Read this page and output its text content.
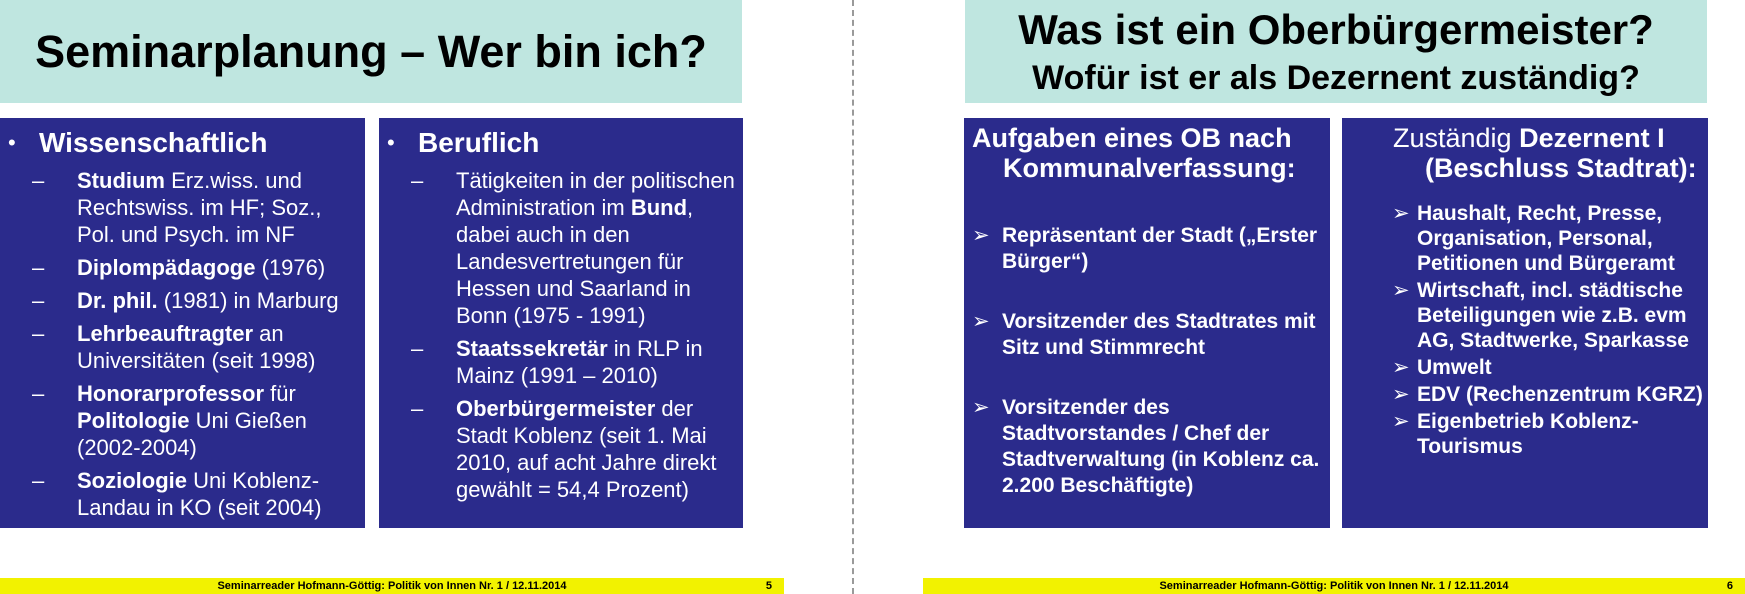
Seminarplanung – Wer bin ich?
• Wissenschaftlich
–	Studium Erz.wiss. und Rechtswiss. im HF; Soz., Pol. und Psych. im NF
–	Diplompädagoge (1976)
–	Dr. phil. (1981) in Marburg
–	Lehrbeauftragter an Universitäten (seit 1998)
–	Honorarprofessor für Politologie Uni Gießen (2002-2004)
–	Soziologie Uni Koblenz-Landau in KO (seit 2004)
• Beruflich
–	Tätigkeiten in der politischen Administration im Bund, dabei auch in den Landesvertretungen für Hessen und Saarland in Bonn (1975 - 1991)
–	Staatssekretär in RLP in Mainz (1991 – 2010)
–	Oberbürgermeister der Stadt Koblenz (seit 1. Mai 2010, auf acht Jahre direkt gewählt = 54,4 Prozent)
Seminarreader Hofmann-Göttig: Politik von Innen Nr. 1 / 12.11.2014	5
Was ist ein Oberbürgermeister?
Wofür ist er als Dezernent zuständig?
Aufgaben eines OB nach
Kommunalverfassung:
➢ Repräsentant der Stadt („Erster Bürger“)
➢ Vorsitzender des Stadtrates mit Sitz und Stimmrecht
➢ Vorsitzender des Stadtvorstandes / Chef der Stadtverwaltung (in Koblenz ca. 2.200 Beschäftigte)
Zuständig Dezernent I
(Beschluss Stadtrat):
➢ Haushalt, Recht, Presse, Organisation, Personal, Petitionen und Bürgeramt
➢ Wirtschaft, incl. städtische Beteiligungen wie z.B. evm AG, Stadtwerke, Sparkasse
➢ Umwelt
➢ EDV (Rechenzentrum KGRZ)
➢ Eigenbetrieb Koblenz-Tourismus
Seminarreader Hofmann-Göttig: Politik von Innen Nr. 1 / 12.11.2014	6
